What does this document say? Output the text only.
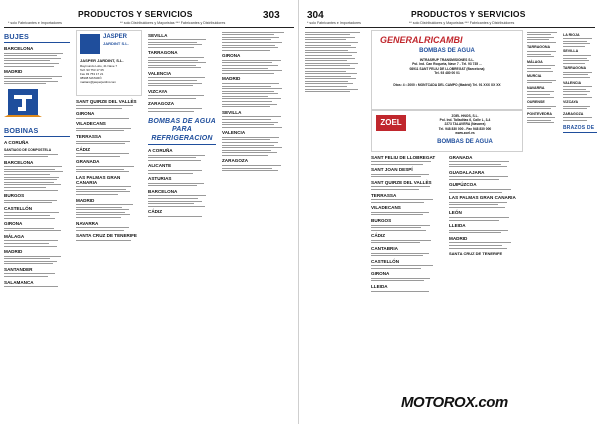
* solo Fabricantes e Importadores
PRODUCTOS Y SERVICIOS	303
** solo Distribuidores y Mayoristas *** Fabricantes y Distribuidores
BUJES
BARCELONA
MADRID
BOBINAS
A CORUÑA
SANTIAGO DE COMPOSTELA
BARCELONA
BURGOS
CASTELLÓN
GIRONA
MÁLAGA
MADRID
SANTANDER
SALAMANCA
JASPER
JARDINT S.L.
JASPER JARDINT, S.L.
Raymundo Lulio, 41 Nave 7
Telf. 93 753 17 05
Fax 93 753 17 21
08908 MATARÓ
mattaro@jasperjardint.com
SANT QUIRZE DEL VALLÈS
GIRONA
VILADECANS
TERRASSA
CÁDIZ
GRANADA
LAS PALMAS GRAN CANARIA
MADRID
NAVARRA
SANTA CRUZ DE TENERIFE
SEVILLA
TARRAGONA
VALENCIA
VIZCAYA
ZARAGOZA
BOMBAS DE AGUA PARA REFRIGERACION
A CORUÑA
ALICANTE
ASTURIAS
BARCELONA
CÁDIZ
GIRONA
MADRID
SEVILLA
VALENCIA
ZARAGOZA
304	PRODUCTOS Y SERVICIOS
* solo Fabricantes e Importadores	** solo Distribuidores y Mayoristas *** Fabricantes y Distribuidores
GENERALRICAMBI
BOMBAS DE AGUA
INTRASRUP TRANSMISIONES S.L.
Pol. Ind. Can Roqueta, Nave 7 - Tel. 93 735 ...
08911 SANT FELIU DE LLOBREGAT (Barcelona)
Tel. 93 480 00 01
Dtos: 4 • 2000 • MONTCADA DEL CAMPO (Madrid) Tel. 91 XXX XX XX
ZOEL
ZOEL HNOS, S.L.
Pol. Ind. Talladitas 6, Calle L, 3-4
2273 TALAVERA (Navarra)
Tel. 948 830 000 - Fax 948 830 000
www.zoel.es
BOMBAS DE AGUA
SANT FELIU DE LLOBREGAT
SANT JOAN DESPÍ
SANT QUIRZE DEL VALLÈS
TERRASSA
VILADECANS
BURGOS
CÁDIZ
CANTABRIA
CASTELLÓN
GIRONA
LLEIDA
GRANADA
GUADALAJARA
GUIPÚZCOA
LAS PALMAS GRAN CANARIA
LEÓN
LLEIDA
MADRID
SANTA CRUZ DE TENERIFE
TARRAGONA
MÁLAGA
MURCIA
NAVARRA
OURENSE
PONTEVEDRA
LA RIOJA
SEVILLA
TARRAGONA
VALENCIA
VIZCAYA
ZARAGOZA
BRAZOS DE
MOTOROX.com
